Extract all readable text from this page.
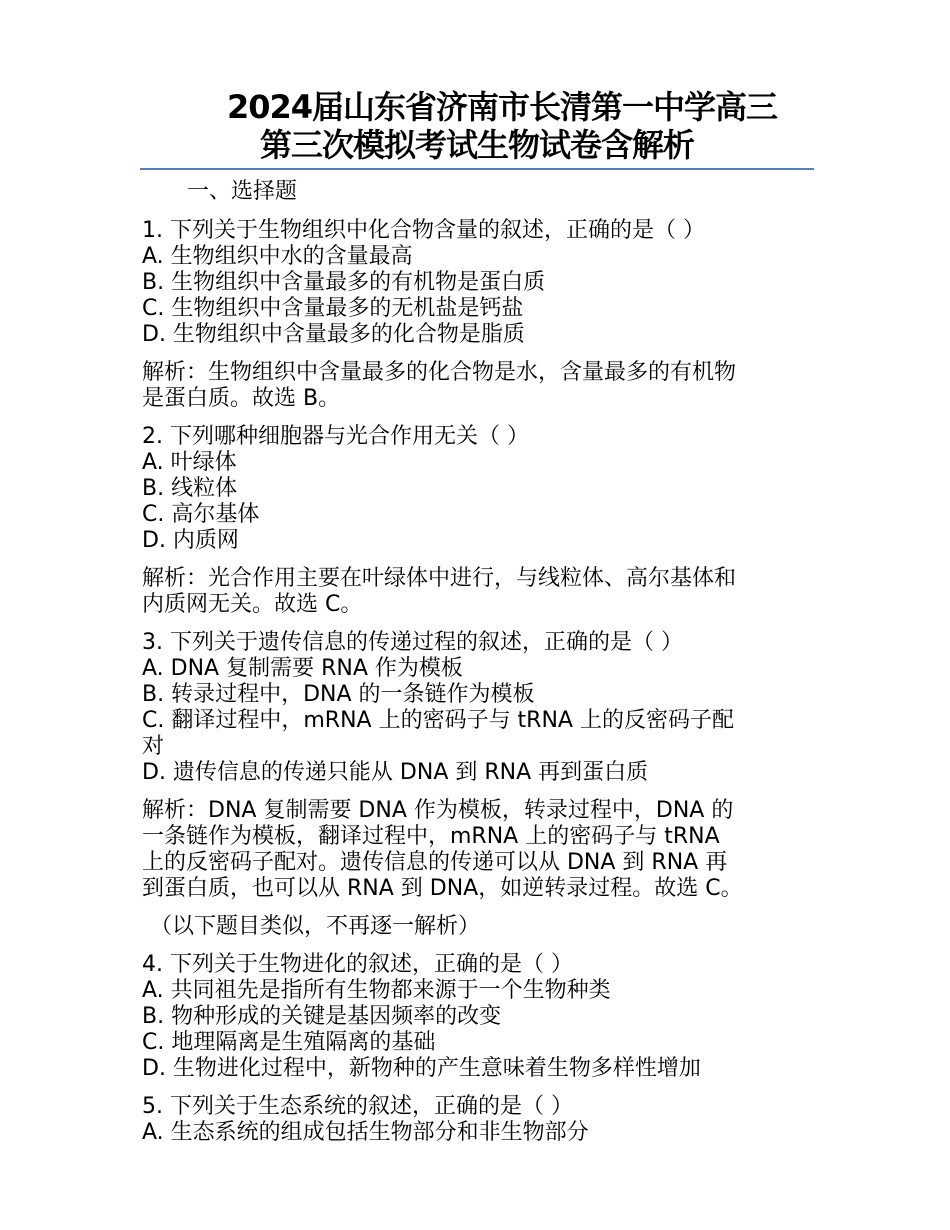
2024届山东省济南市长清第一中学高三
第三次模拟考试生物试卷含解析
一、选择题
1. 下列关于生物组织中化合物含量的叙述，正确的是（ ）
A. 生物组织中水的含量最高
B. 生物组织中含量最多的有机物是蛋白质
C. 生物组织中含量最多的无机盐是钙盐
D. 生物组织中含量最多的化合物是脂质
解析：生物组织中含量最多的化合物是水，含量最多的有机物
是蛋白质。故选 B。
2. 下列哪种细胞器与光合作用无关（ ）
A. 叶绿体
B. 线粒体
C. 高尔基体
D. 内质网
解析：光合作用主要在叶绿体中进行，与线粒体、高尔基体和
内质网无关。故选 C。
3. 下列关于遗传信息的传递过程的叙述，正确的是（ ）
A. DNA 复制需要 RNA 作为模板
B. 转录过程中，DNA 的一条链作为模板
C. 翻译过程中，mRNA 上的密码子与 tRNA 上的反密码子配
对
D. 遗传信息的传递只能从 DNA 到 RNA 再到蛋白质
解析：DNA 复制需要 DNA 作为模板，转录过程中，DNA 的
一条链作为模板，翻译过程中，mRNA 上的密码子与 tRNA
上的反密码子配对。遗传信息的传递可以从 DNA 到 RNA 再
到蛋白质，也可以从 RNA 到 DNA，如逆转录过程。故选 C。
（以下题目类似，不再逐一解析）
4. 下列关于生物进化的叙述，正确的是（ ）
A. 共同祖先是指所有生物都来源于一个生物种类
B. 物种形成的关键是基因频率的改变
C. 地理隔离是生殖隔离的基础
D. 生物进化过程中，新物种的产生意味着生物多样性增加
5. 下列关于生态系统的叙述，正确的是（ ）
A. 生态系统的组成包括生物部分和非生物部分
